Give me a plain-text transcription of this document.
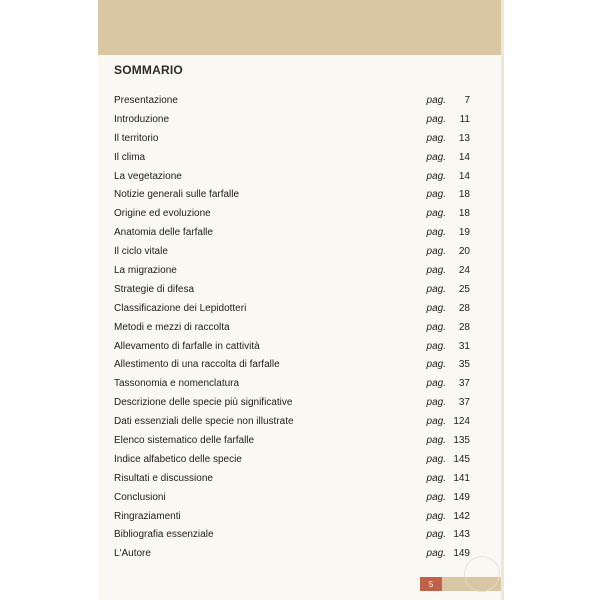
SOMMARIO
Presentazione	pag.	7
Introduzione	pag.	11
Il territorio	pag.	13
Il clima	pag.	14
La vegetazione	pag.	14
Notizie generali sulle farfalle	pag.	18
Origine ed evoluzione	pag.	18
Anatomia delle farfalle	pag.	19
Il ciclo vitale	pag.	20
La migrazione	pag.	24
Strategie di difesa	pag.	25
Classificazione dei Lepidotteri	pag.	28
Metodi e mezzi di raccolta	pag.	28
Allevamento di farfalle in cattività	pag.	31
Allestimento di una raccolta di farfalle	pag.	35
Tassonomia e nomenclatura	pag.	37
Descrizione delle specie più significative	pag.	37
Dati essenziali delle specie non illustrate	pag. 124
Elenco sistematico delle farfalle	pag. 135
Indice alfabetico delle specie	pag. 145
Risultati e discussione	pag. 141
Conclusioni	pag. 149
Ringraziamenti	pag. 142
Bibliografia essenziale	pag. 143
L'Autore	pag. 149
5
